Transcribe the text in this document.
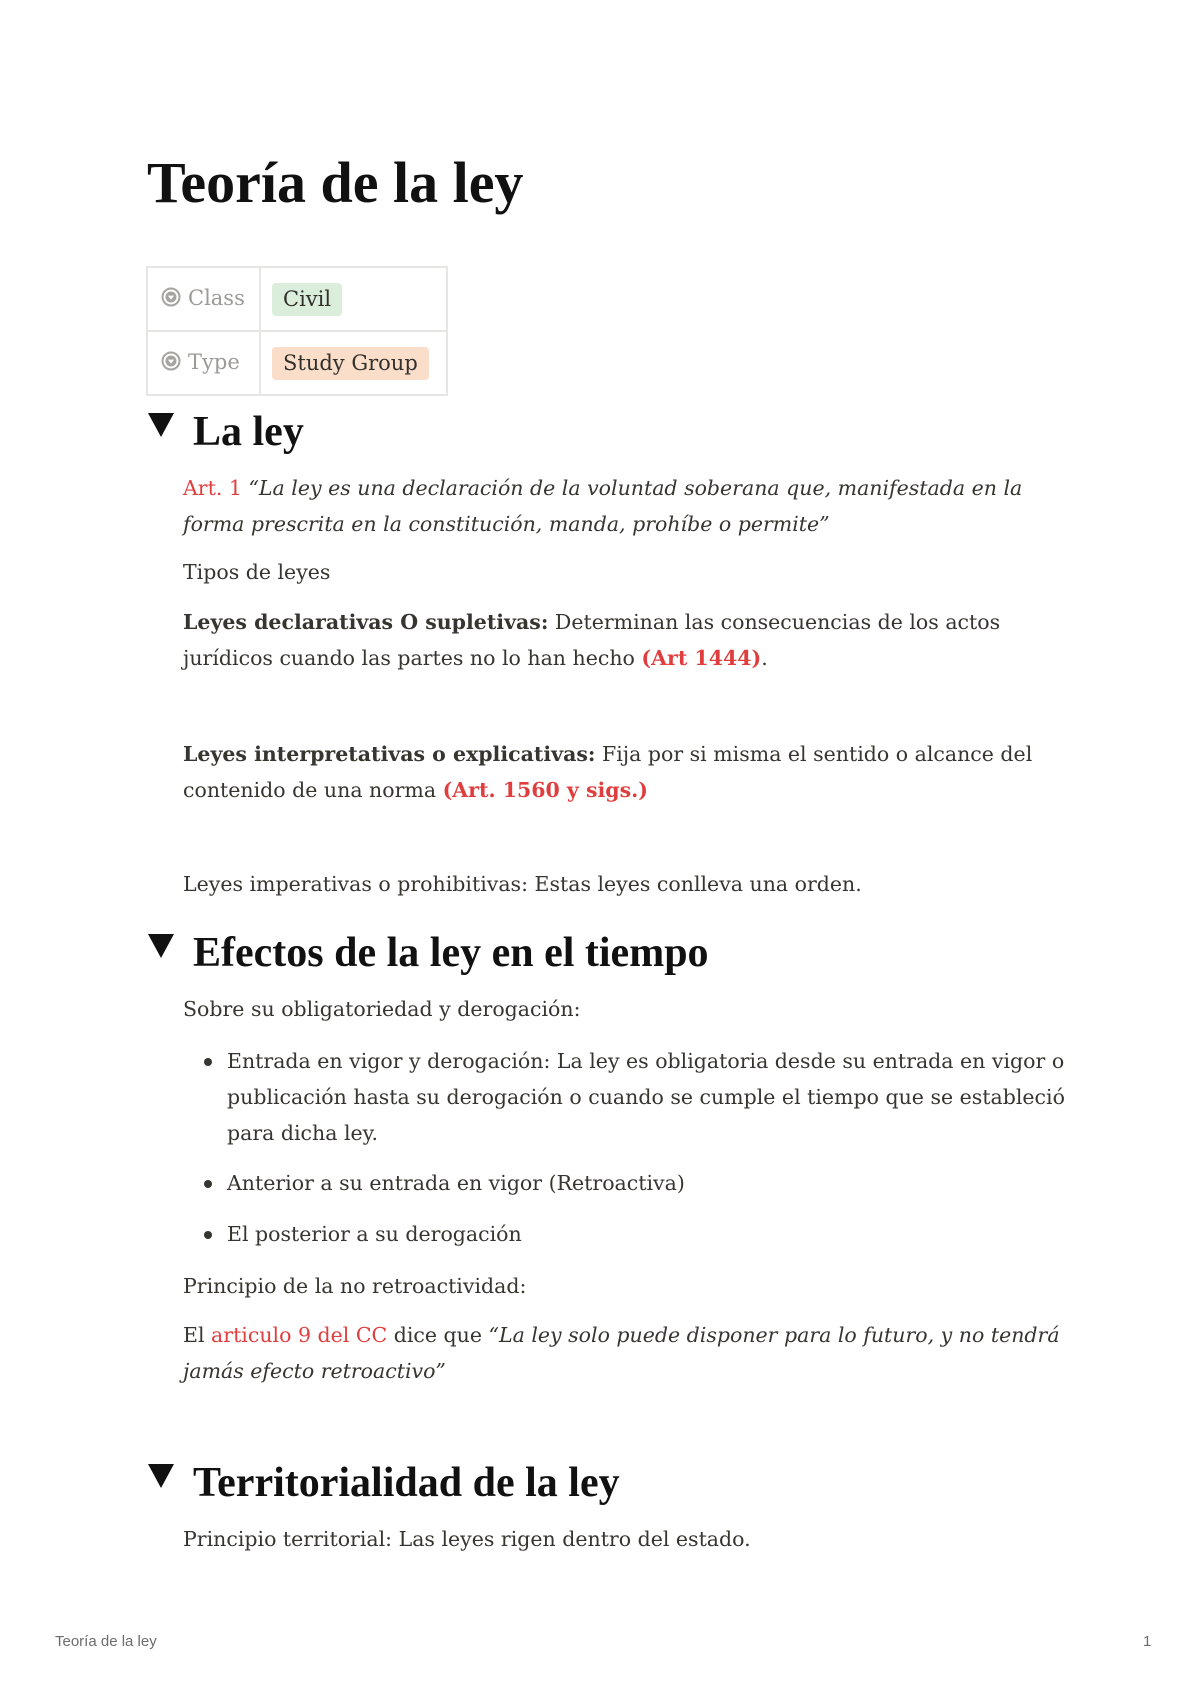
Teoría de la ley
Class	Civil
Type	Study Group
La ley

Art. 1 “La ley es una declaración de la voluntad soberana que, manifestada en la forma prescrita en la constitución, manda, prohíbe o permite”

Tipos de leyes

Leyes declarativas O supletivas: Determinan las consecuencias de los actos jurídicos cuando las partes no lo han hecho (Art 1444).

Leyes interpretativas o explicativas: Fija por si misma el sentido o alcance del contenido de una norma (Art. 1560 y sigs.)

Leyes imperativas o prohibitivas: Estas leyes conlleva una orden.

Efectos de la ley en el tiempo

Sobre su obligatoriedad y derogación:

Entrada en vigor y derogación: La ley es obligatoria desde su entrada en vigor o publicación hasta su derogación o cuando se cumple el tiempo que se estableció para dicha ley.

Anterior a su entrada en vigor (Retroactiva)

El posterior a su derogación

Principio de la no retroactividad:

El articulo 9 del CC dice que “La ley solo puede disponer para lo futuro, y no tendrá jamás efecto retroactivo”

Territorialidad de la ley

Principio territorial: Las leyes rigen dentro del estado.

Teoría de la ley	1
